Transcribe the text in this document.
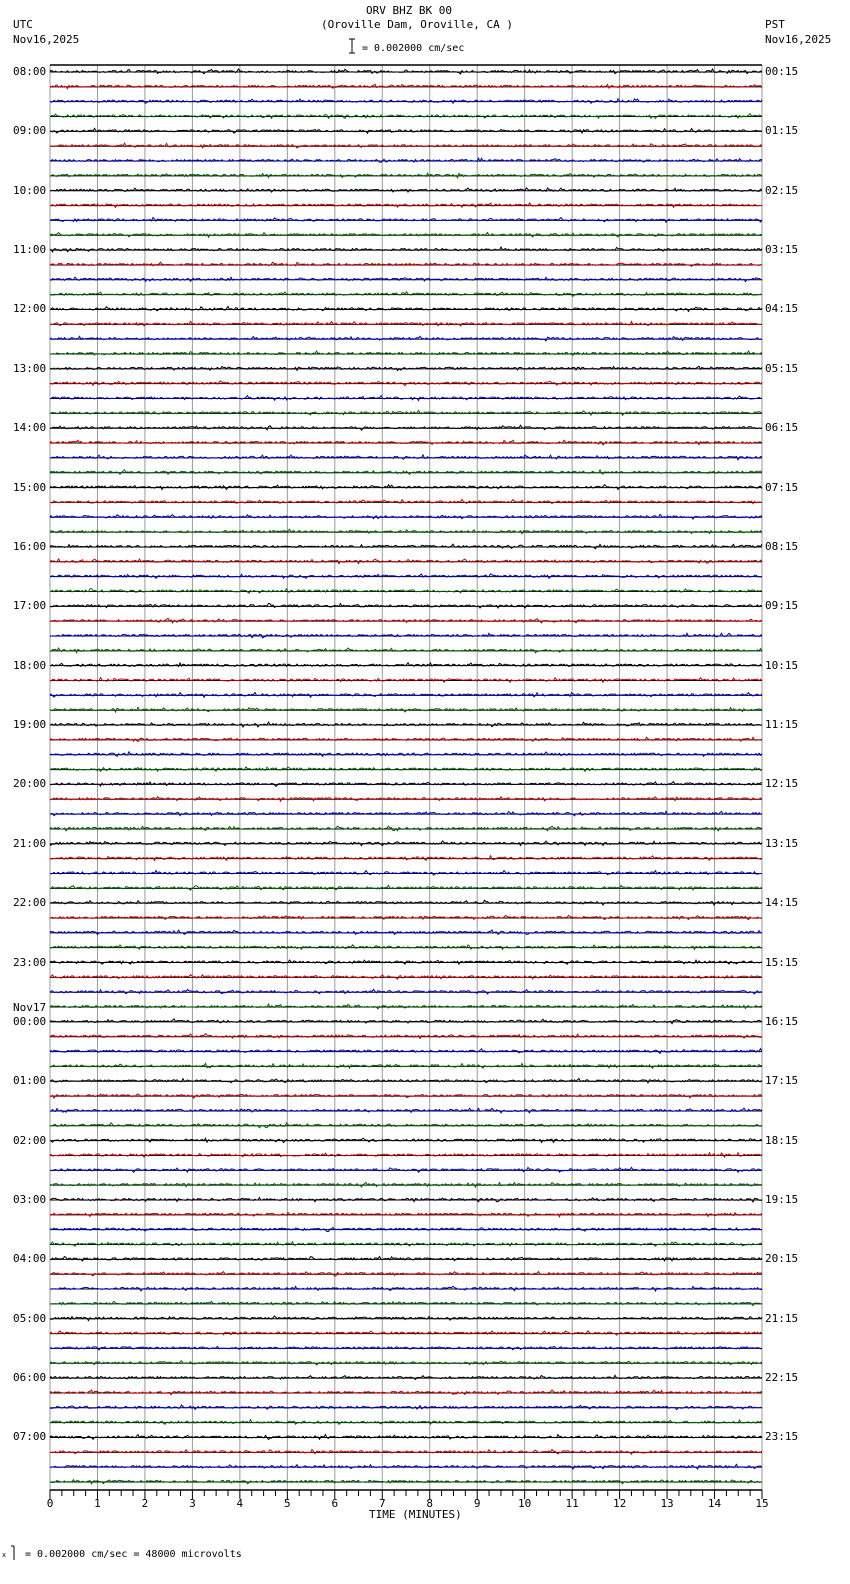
ORV BHZ BK 00
(Oroville Dam, Oroville, CA )
UTC
Nov16,2025
PST
Nov16,2025
= 0.002000 cm/sec
TIME (MINUTES)
x = 0.002000 cm/sec = 48000 microvolts
0	1	2	3	4	5	6	7	8	9	10	11	12	13	14	15
08:00
09:00
10:00
11:00
12:00
13:00
14:00
15:00
16:00
17:00
18:00
19:00
20:00
21:00
22:00
23:00
00:00
01:00
02:00
03:00
04:00
05:00
06:00
07:00
00:15
01:15
02:15
03:15
04:15
05:15
06:15
07:15
08:15
09:15
10:15
11:15
12:15
13:15
14:15
15:15
16:15
17:15
18:15
19:15
20:15
21:15
22:15
23:15
Nov17
